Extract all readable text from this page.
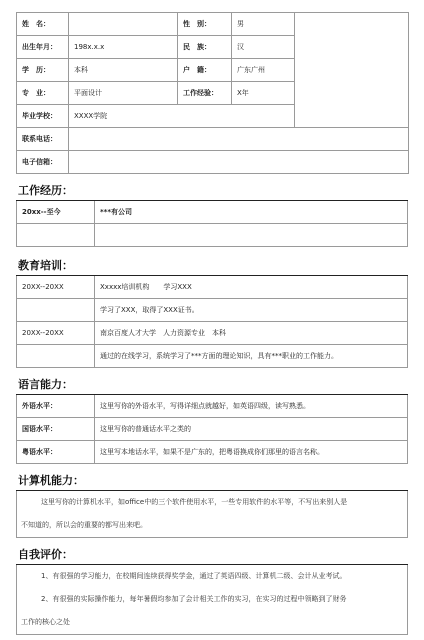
姓　名：		性　别：	男	
出生年月：	198x.x.x	民　族：	汉	
学　历：	本科	户　籍：	广东广州	
专　业：	平面设计	工作经验：	X年	
毕业学校：	XXXX学院			
联系电话：				
电子信箱：				
工作经历：
20xx--至今	***有公司

教育培训：
20XX--20XX	Xxxxx培训机构　　学习XXX
	学习了XXX，取得了XXX证书。
20XX--20XX	南京百度人才大学　人力资源专业　本科
	通过的在线学习，系统学习了***方面的理论知识，具有***职业的工作能力。
语言能力：
外语水平：	这里写你的外语水平，写得详细点就越好，如英语四级，读写熟悉。
国语水平：	这里写你的普通话水平之类的
粤语水平：	这里写本地话水平，如果不是广东的，把粤语换成你们那里的语言名称。
计算机能力：

这里写你的计算机水平，如office中的三个软件使用水平，一些专用软件的水平等，不写出来别人是

不知道的，所以会的重要的都写出来吧。

自我评价：

1、有很强的学习能力，在校期间连续获得奖学金，通过了英语四级、计算机二级、会计从业考试。

2、有很强的实际操作能力，每年暑假均参加了会计相关工作的实习，在实习的过程中领略到了财务

工作的核心之处
